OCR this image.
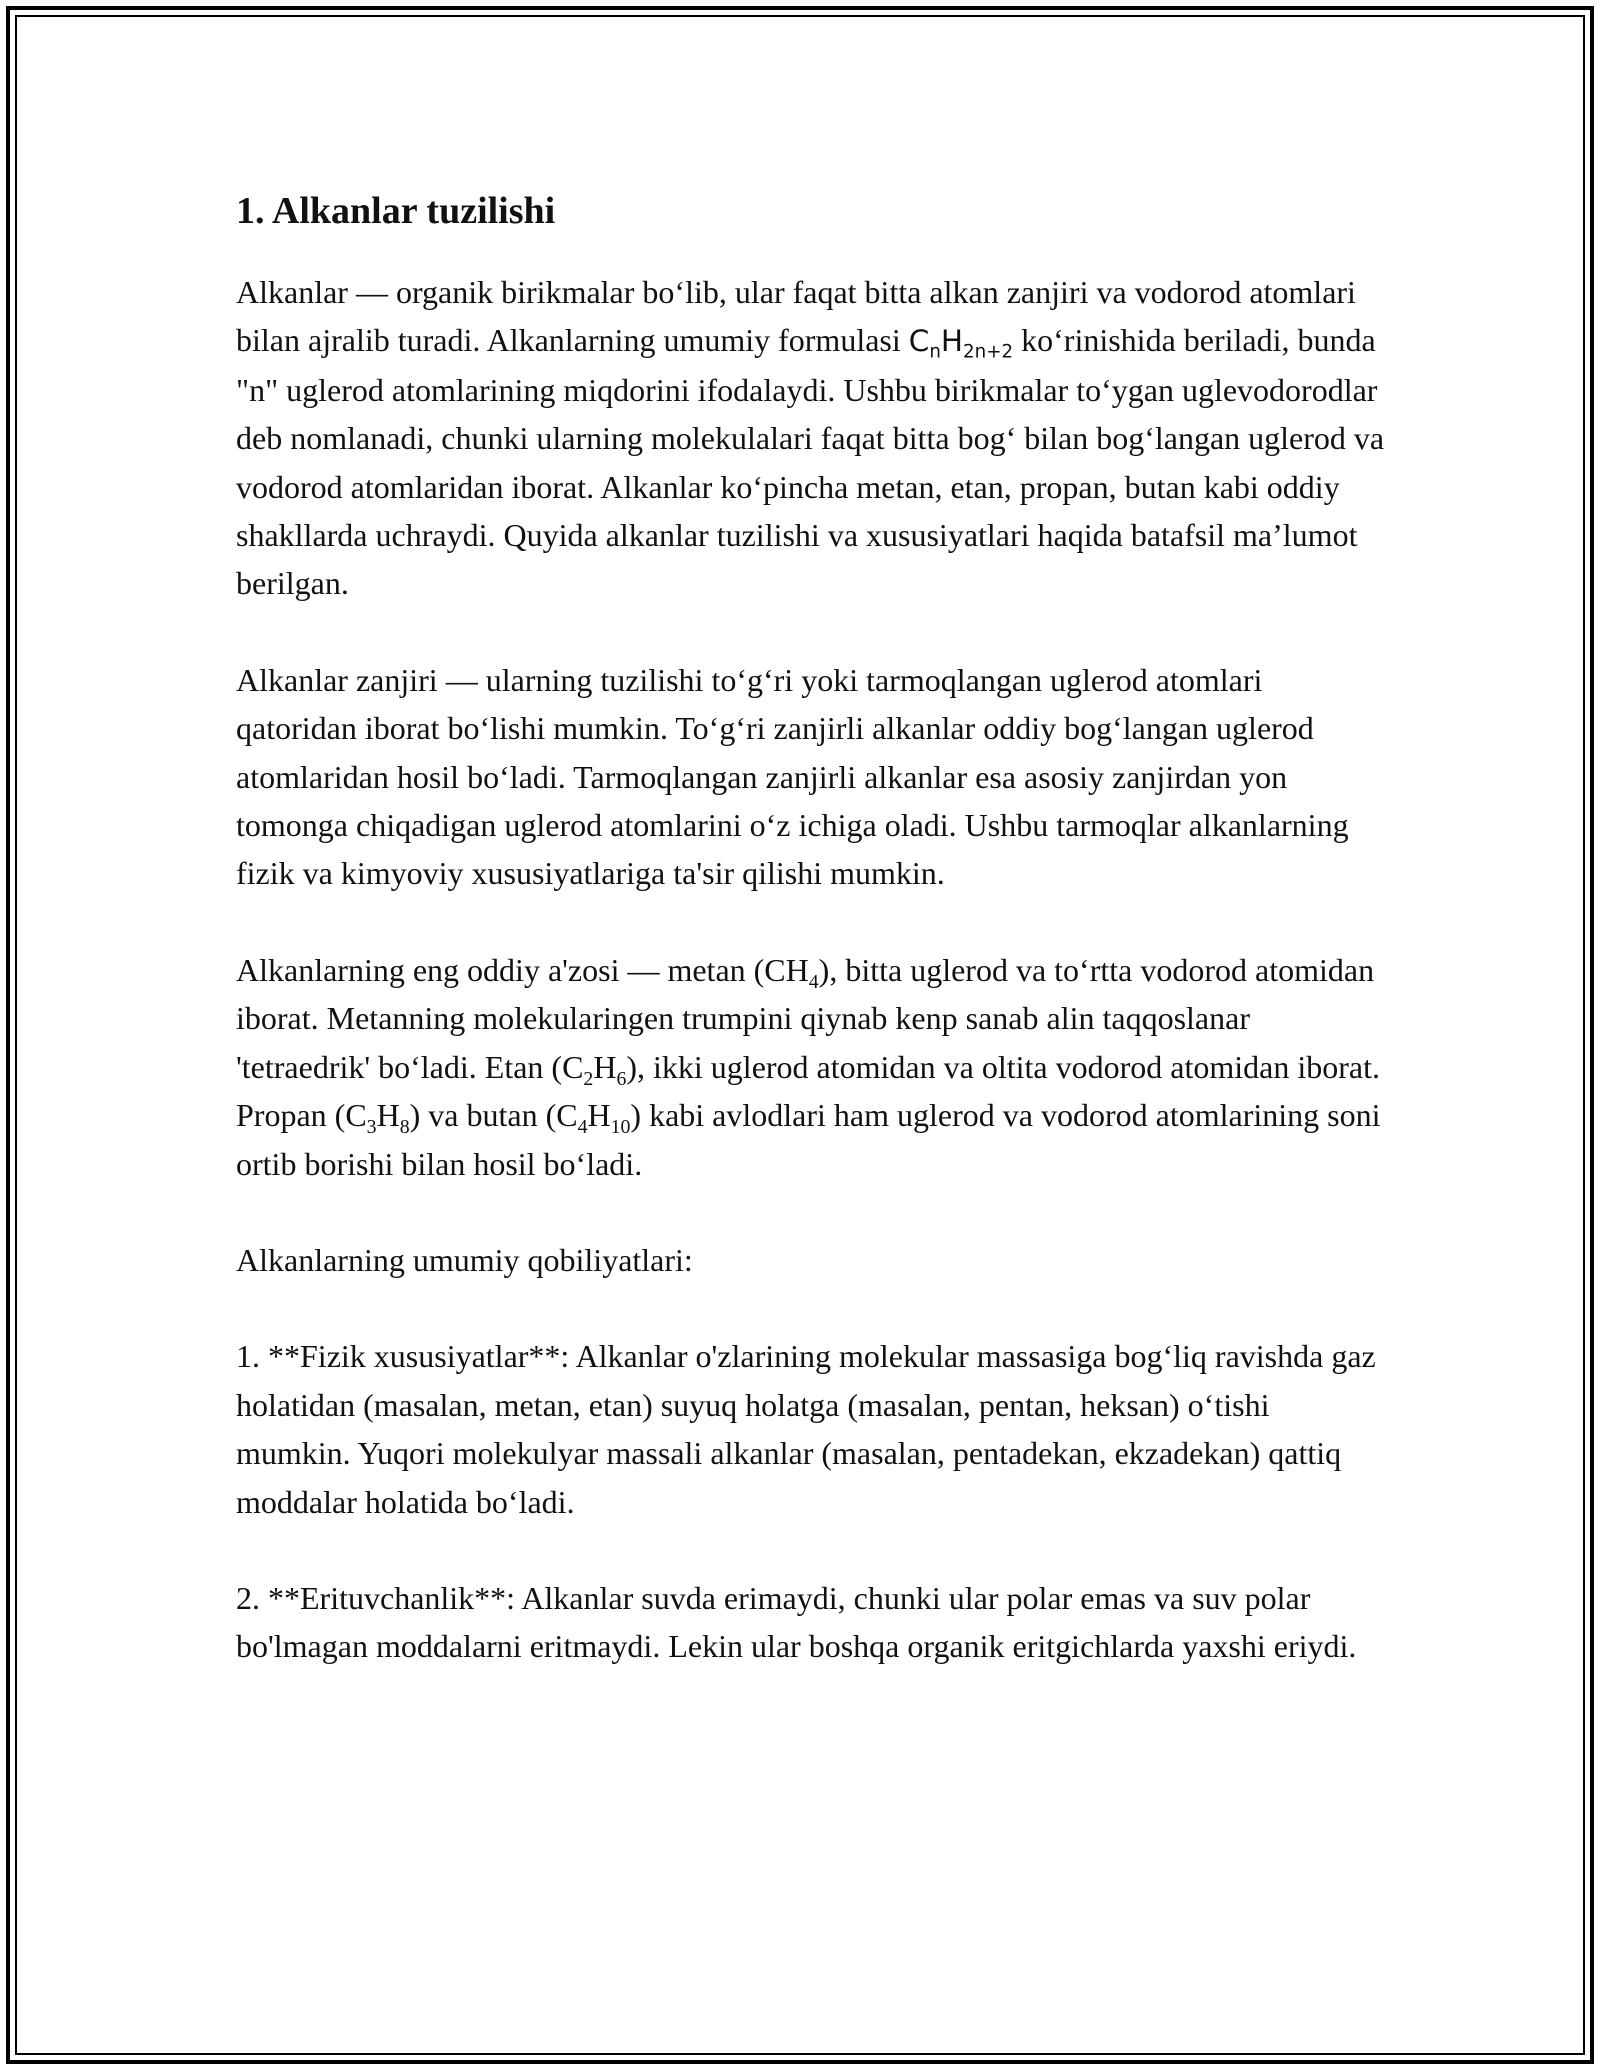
1. Alkanlar tuzilishi

Alkanlar — organik birikmalar bo‘lib, ular faqat bitta alkan zanjiri va vodorod atomlari bilan ajralib turadi. Alkanlarning umumiy formulasi $C_nH_{2n+2}$ ko‘rinishida beriladi, bunda "n" uglerod atomlarining miqdorini ifodalaydi. Ushbu birikmalar to‘ygan uglevodorodlar deb nomlanadi, chunki ularning molekulalari faqat bitta bog‘ bilan bog‘langan uglerod va vodorod atomlaridan iborat. Alkanlar ko‘pincha metan, etan, propan, butan kabi oddiy shakllarda uchraydi. Quyida alkanlar tuzilishi va xususiyatlari haqida batafsil ma’lumot berilgan.

Alkanlar zanjiri — ularning tuzilishi to‘g‘ri yoki tarmoqlangan uglerod atomlari qatoridan iborat bo‘lishi mumkin. To‘g‘ri zanjirli alkanlar oddiy bog‘langan uglerod atomlaridan hosil bo‘ladi. Tarmoqlangan zanjirli alkanlar esa asosiy zanjirdan yon tomonga chiqadigan uglerod atomlarini o‘z ichiga oladi. Ushbu tarmoqlar alkanlarning fizik va kimyoviy xususiyatlariga ta'sir qilishi mumkin.

Alkanlarning eng oddiy a'zosi — metan $(CH_4)$, bitta uglerod va to‘rtta vodorod atomidan iborat. Metanning molekularingen trumpini qiynab kenp sanab alin taqqoslanar 'tetraedrik' bo‘ladi. Etan $(C_2H_6)$, ikki uglerod atomidan va oltita vodorod atomidan iborat. Propan $(C_3H_8)$ va butan $(C_4H_{10})$ kabi avlodlari ham uglerod va vodorod atomlarining soni ortib borishi bilan hosil bo‘ladi.

Alkanlarning umumiy qobiliyatlari:

1. **Fizik xususiyatlar**: Alkanlar o'zlarining molekular massasiga bog‘liq ravishda gaz holatidan (masalan, metan, etan) suyuq holatga (masalan, pentan, heksan) o‘tishi mumkin. Yuqori molekulyar massali alkanlar (masalan, pentadekan, ekzadekan) qattiq moddalar holatida bo‘ladi.

2. **Erituvchanlik**: Alkanlar suvda erimaydi, chunki ular polar emas va suv polar bo'lmagan moddalarni eritmaydi. Lekin ular boshqa organik eritgichlarda yaxshi eriydi.
